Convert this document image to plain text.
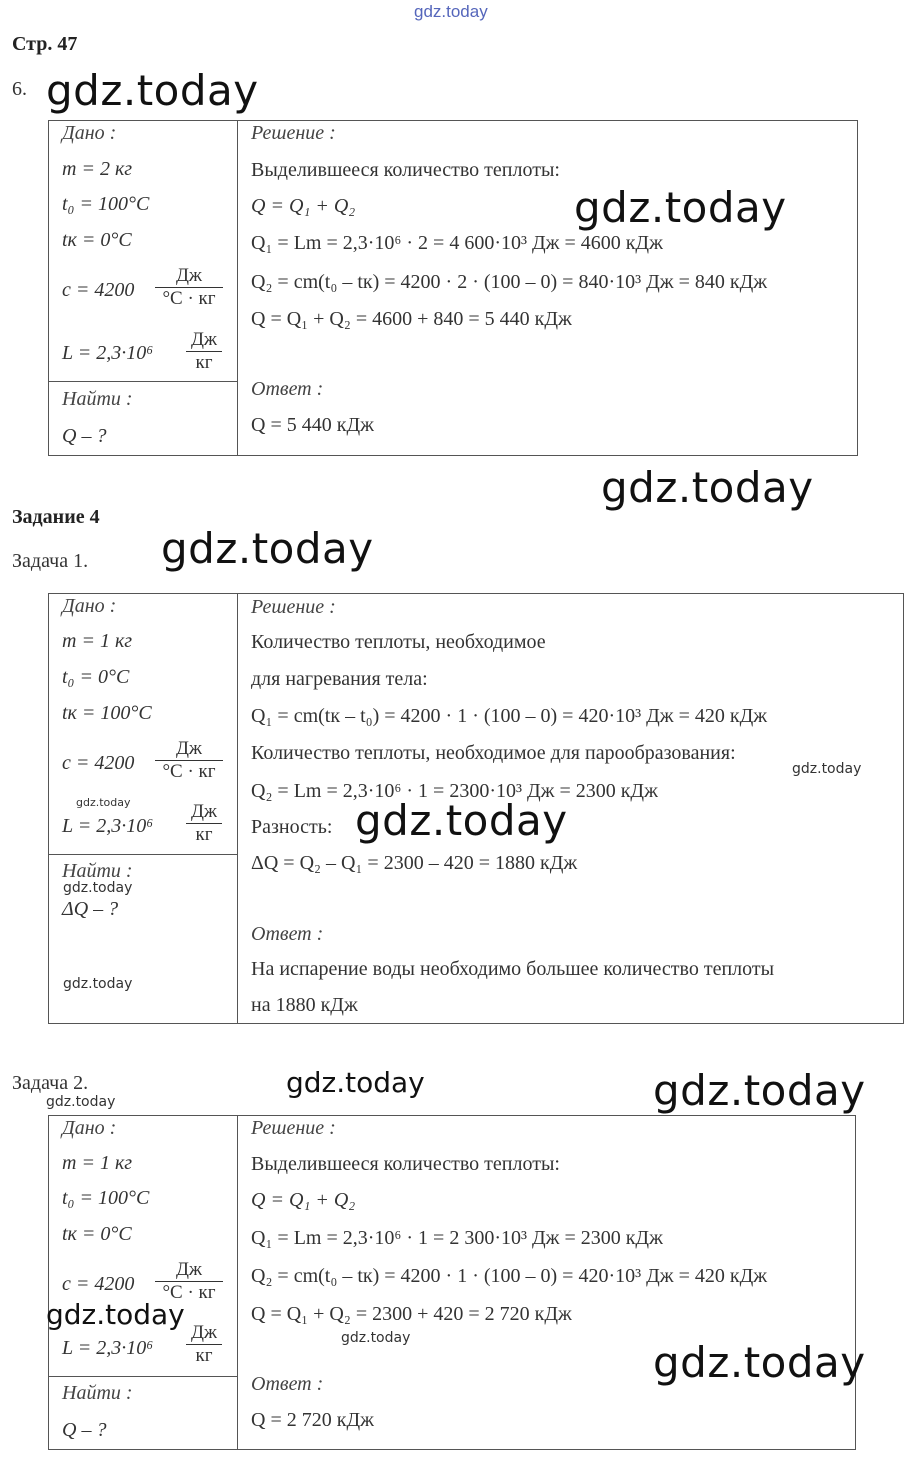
gdz.today
Стр. 47
6. gdz.today
Дано :
m = 2 кг
t₀ = 100°C
tк = 0°C
c = 4200
Дж
°C · кг
L = 2,3·10⁶
Дж
кг
Найти :
Q – ?
Решение :
Выделившееся количество теплоты:
Q = Q₁ + Q₂
Q₁ = Lm = 2,3·10⁶ · 2 = 4 600·10³ Дж = 4600 кДж
Q₂ = cm(t₀ – tк) = 4200 · 2 · (100 – 0) = 840·10³ Дж = 840 кДж
Q = Q₁ + Q₂ = 4600 + 840 = 5 440 кДж
Ответ :
Q = 5 440 кДж
gdz.today
gdz.today
Задание 4
Задача 1. gdz.today
Дано :
m = 1 кг
t₀ = 0°C
tк = 100°C
c = 4200
Дж
°C · кг
gdz.today
L = 2,3·10⁶
Дж
кг
Найти :
gdz.today
ΔQ – ?
gdz.today
Решение :
Количество теплоты, необходимое
для нагревания тела:
Q₁ = cm(tк – t₀) = 4200 · 1 · (100 – 0) = 420·10³ Дж = 420 кДж
Количество теплоты, необходимое для парообразования:
gdz.today
Q₂ = Lm = 2,3·10⁶ · 1 = 2300·10³ Дж = 2300 кДж
Разность: gdz.today
ΔQ = Q₂ – Q₁ = 2300 – 420 = 1880 кДж
Ответ :
На испарение воды необходимо большее количество теплоты
на 1880 кДж
Задача 2.	gdz.today	gdz.today
gdz.today
Дано :
m = 1 кг
t₀ = 100°C
tк = 0°C
c = 4200
Дж
°C · кг
L = 2,3·10⁶
Дж
кг
gdz.today
Найти :
Q – ?
Решение :
Выделившееся количество теплоты:
Q = Q₁ + Q₂
Q₁ = Lm = 2,3·10⁶ · 1 = 2 300·10³ Дж = 2300 кДж
Q₂ = cm(t₀ – tк) = 4200 · 1 · (100 – 0) = 420·10³ Дж = 420 кДж
Q = Q₁ + Q₂ = 2300 + 420 = 2 720 кДж
gdz.today
Ответ :
Q = 2 720 кДж
gdz.today
